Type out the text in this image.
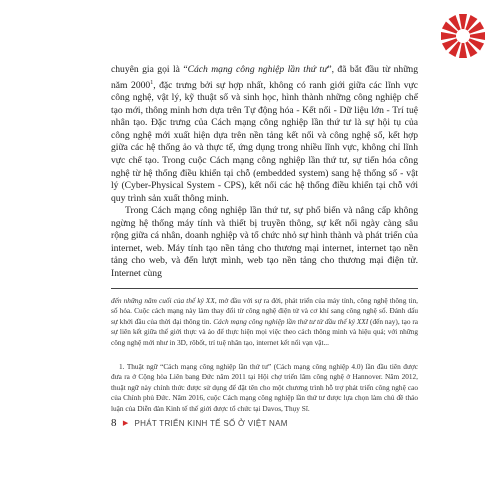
chuyên gia gọi là “Cách mạng công nghiệp lần thứ tư”, đã bắt đầu từ những năm 2000$^1$, đặc trưng bởi sự hợp nhất, không có ranh giới giữa các lĩnh vực công nghệ, vật lý, kỹ thuật số và sinh học, hình thành những công nghiệp chế tạo mới, thông minh hơn dựa trên Tự động hóa - Kết nối - Dữ liệu lớn - Trí tuệ nhân tạo. Đặc trưng của Cách mạng công nghiệp lần thứ tư là sự hội tụ của công nghệ mới xuất hiện dựa trên nền tảng kết nối và công nghệ số, kết hợp giữa các hệ thống ảo và thực tế, ứng dụng trong nhiều lĩnh vực, không chỉ lĩnh vực chế tạo. Trong cuộc Cách mạng công nghiệp lần thứ tư, sự tiến hóa công nghệ từ hệ thống điều khiển tại chỗ (embedded system) sang hệ thống số - vật lý (Cyber-Physical System - CPS), kết nối các hệ thống điều khiển tại chỗ với quy trình sản xuất thông minh.

Trong Cách mạng công nghiệp lần thứ tư, sự phổ biến và nâng cấp không ngừng hệ thống máy tính và thiết bị truyền thông, sự kết nối ngày càng sâu rộng giữa cá nhân, doanh nghiệp và tổ chức nhỏ sự hình thành và phát triển của internet, web. Máy tính tạo nền tảng cho thương mại internet, internet tạo nền tảng cho web, và đến lượt mình, web tạo nền tảng cho thương mại điện tử. Internet cùng

đến những năm cuối của thế kỷ XX, mở đầu với sự ra đời, phát triển của máy tính, công nghệ thông tin, số hóa. Cuộc cách mạng này làm thay đổi từ công nghệ điện tử và cơ khí sang công nghệ số. Đánh dấu sự khởi đầu của thời đại thông tin. Cách mạng công nghiệp lần thứ tư từ đầu thế kỷ XXI (đến nay), tạo ra sự liên kết giữa thế giới thực và ảo để thực hiện mọi việc theo cách thông minh và hiệu quả; với những công nghệ mới như in 3D, rôbốt, trí tuệ nhân tạo, internet kết nối vạn vật...

1. Thuật ngữ “Cách mạng công nghiệp lần thứ tư” (Cách mạng công nghiệp 4.0) lần đầu tiên được đưa ra ở Cộng hòa Liên bang Đức năm 2011 tại Hội chợ triển lãm công nghệ ở Hannover. Năm 2012, thuật ngữ này chính thức được sử dụng để đặt tên cho một chương trình hỗ trợ phát triển công nghệ cao của Chính phủ Đức. Năm 2016, cuộc Cách mạng công nghiệp lần thứ tư được lựa chọn làm chủ đề thảo luận của Diễn đàn Kinh tế thế giới được tổ chức tại Davos, Thụy Sĩ.

8 ▶ PHÁT TRIỂN KINH TẾ SỐ Ở VIỆT NAM
